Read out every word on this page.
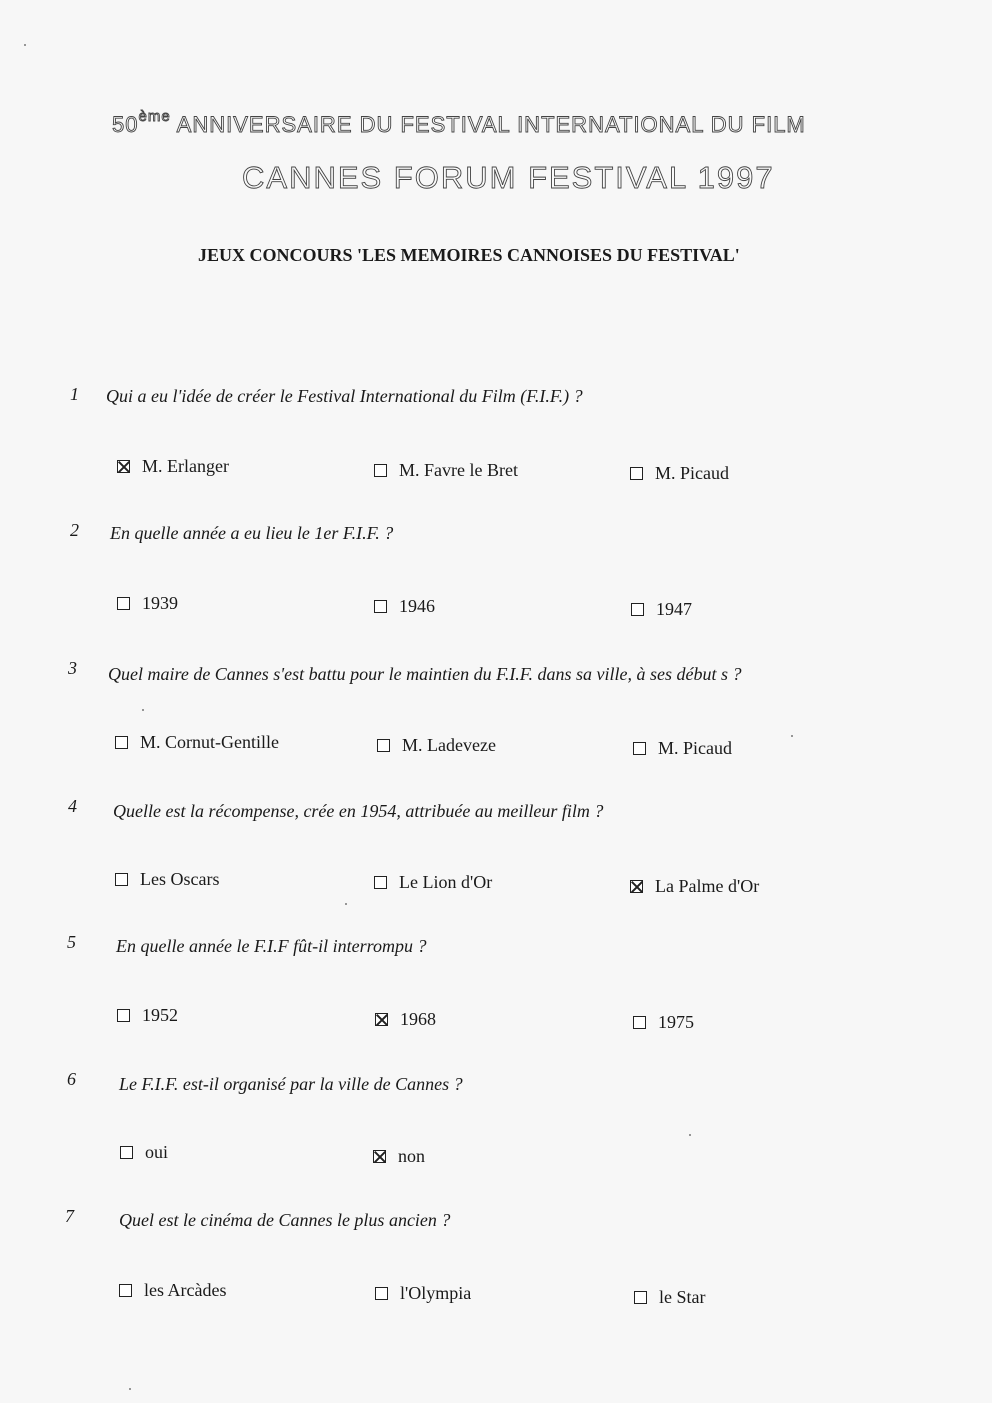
50ème ANNIVERSAIRE DU FESTIVAL INTERNATIONAL DU FILM
CANNES FORUM FESTIVAL 1997
JEUX CONCOURS 'LES MEMOIRES CANNOISES DU FESTIVAL'
1 Qui a eu l'idée de créer le Festival International du Film (F.I.F.) ?
M. Erlanger	M. Favre le Bret	M. Picaud
2 En quelle année a eu lieu le 1er F.I.F. ?
1939	1946	1947
3 Quel maire de Cannes s'est battu pour le maintien du F.I.F. dans sa ville, à ses début s ?
M. Cornut-Gentille	M. Ladeveze	M. Picaud
4 Quelle est la récompense, crée en 1954, attribuée au meilleur film ?
Les Oscars	Le Lion d'Or	La Palme d'Or
5 En quelle année le F.I.F fût-il interrompu ?
1952	1968	1975
6 Le F.I.F. est-il organisé par la ville de Cannes ?
oui	non
7	Quel est le cinéma de Cannes le plus ancien ?
les Arcàdes	l'Olympia	le Star
